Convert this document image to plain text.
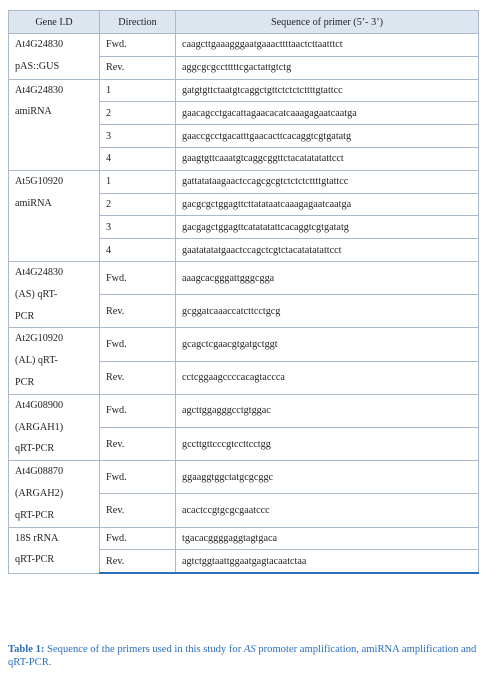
Gene I.D	Direction	Sequence of primer (5’- 3’)

At4G24830
pAS::GUS	Fwd.	caagcttgaaagggaatgaaacttttaactcttaatttct
	Rev.	aggcgcgcctttttcgactattgtctg

At4G24830
amiRNA	1	gatgtgttctaatgtcaggctgttctctctcttttgtattcc
	2	gaacagcctgacattagaacacatcaaagagaatcaatga
	3	gaaccgcctgacatttgaacacttcacaggtcgtgatatg
	4	gaagtgttcaaatgtcaggcggttctacatatatattcct

At5G10920
amiRNA	1	gattatataagaactccagcgcgtctctctcttttgtattcc
	2	gacgcgctggagttcttatataatcaaagagaatcaatga
	3	gacgagctggagttcatatatattcacaggtcgtgatatg
	4	gaatatatatgaactccagctcgtctacatatatattcct

At4G24830
(AS) qRT-
PCR	Fwd.	aaagcacgggattgggcgga
	Rev.	gcggatcaaaccatcttcctgcg

At2G10920
(AL) qRT-
PCR	Fwd.	gcagctcgaacgtgatgctggt
	Rev.	cctcggaagccccacagtaccca

At4G08900
(ARGAH1)
qRT-PCR	Fwd.	agcttggagggcctgtggac
	Rev.	gccttgttcccgtccttcctgg

At4G08870
(ARGAH2)
qRT-PCR	Fwd.	ggaaggtggctatgcgcggc
	Rev.	acactccgtgcgcgaatccc

18S rRNA
qRT-PCR	Fwd.	tgacacggggaggtagtgaca
	Rev.	agtctggtaattggaatgagtacaatctaa
Table 1: Sequence of the primers used in this study for AS promoter amplification, amiRNA amplification and qRT-PCR.
